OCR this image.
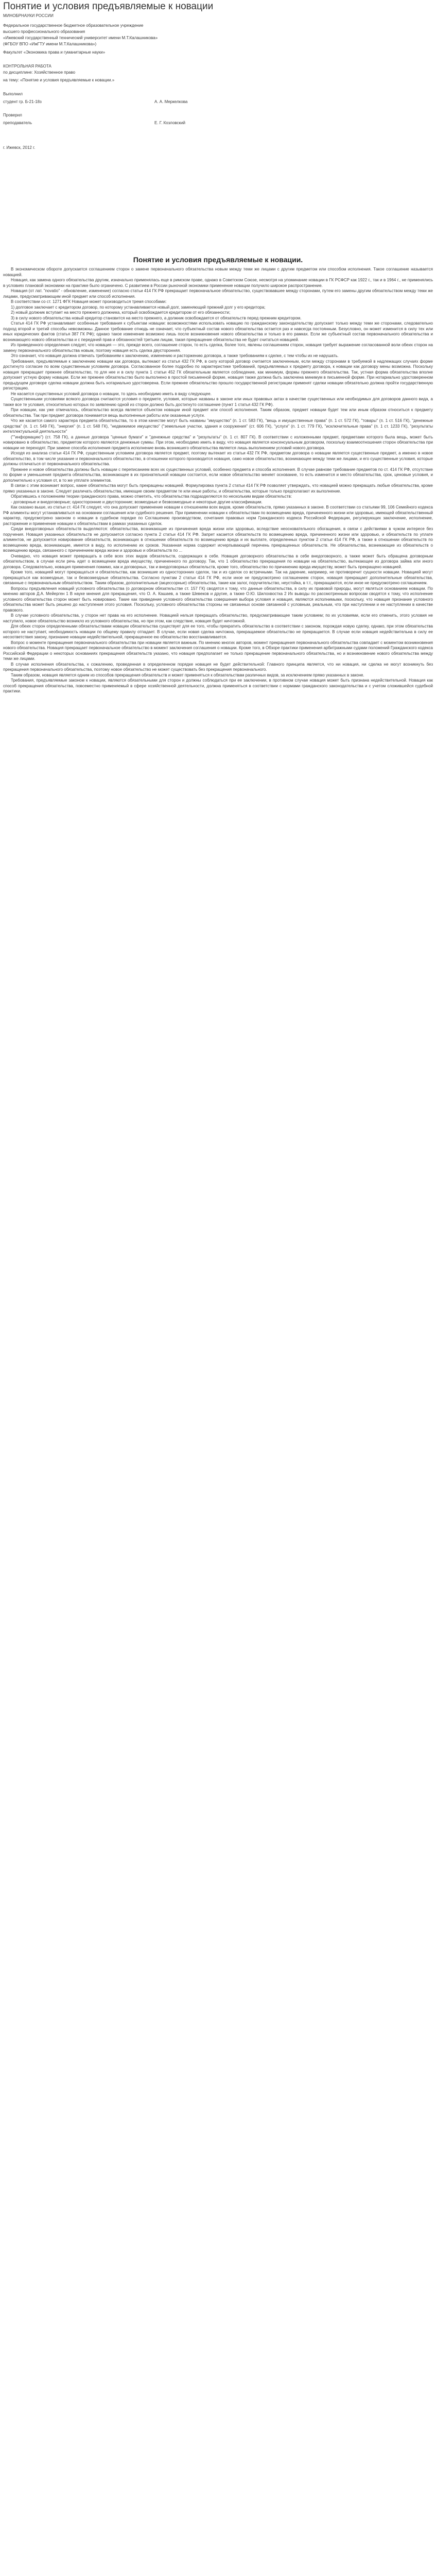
Понятие и условия предъявляемые к новации
МИНОБРНАУКИ РОССИИ
Федеральное государственное бюджетное образовательное учреждение
высшего профессионального образования
«Ижевский государственный технический университет имени М.Т.Калашникова»
(ФГБОУ ВПО «ИжГТУ имени М.Т.Калашникова»)
Факультет «Экономика права и гуманитарные науки»
КОНТРОЛЬНАЯ РАБОТА
по дисциплине: Хозяйственное право
на тему: «Понятие и условия предъявляемые к новации.»
Выполнил
студент гр. Б-21-18з	А. А. Меркелкова
Проверил
преподаватель	Е. Г. Козловский
г. Ижевск, 2012 г.
Понятие и условия предъявляемые к новации.

В экономическом обороте допускается соглашением сторон о замене первоначального обязательства новым между теми же лицами с другим предметом или способом исполнения. Такое соглашение называется новацией.

Новация, как замена одного обязательства другим, изначально применялась еще в римском праве, однако в Советском Союзе, несмотря на упоминание новации в ГК РСФСР как 1922 г., так и в 1964 г., не применялись в условиях плановой экономики на практике было ограничено. С развитием в России рыночной экономики применение новации получило широкое распространение.

Новация (от лат. "novatio" - обновление, изменение) согласно статьи 414 ГК РФ прекращает первоначальное обязательство, существовавшее между сторонами, путем его замены другим обязательством между теми же лицами, предусматривающим иной предмет или способ исполнения.

В соответствии со ст. 1271 ФГК Новация может производиться тремя способами:

1) долговое заключает с кредитором договор, по которому устанавливается новый долг, заменяющий прежний долг у его кредитора;

2) новый должник вступает на место прежнего должника, который освобождается кредитором от его обязанности;

3) в силу нового обязательства новый кредитор становится на место прежнего, а должник освобождается от обязательств перед прежним кредитором.

Статья 414 ГК РФ устанавливает особенные требования к субъектам новации: возможностями использовать новацию по гражданскому законодательству допускает только между теми же сторонами, следовательно подход второй и третий способы невозможны. Данное требование отнюдь не означает, что субъектный состав нового обязательства остается раз и навсегда постоянным. Безусловно, он может изменится в силу тех или иных юридических фактов (статья 387 ГК РФ); однако такое изменение возможно лишь после возникновения нового обязательства и только в его рамках. Если же субъектный состав первоначального обязательства и возникающего нового обязательства и с передачей прав и обязанностей третьим лицам, такая прекращение обязательства не будет считаться новацией.

Из приведенного определения следует, что новация — это, прежде всего, соглашение сторон, то есть сделка, более того, явлены соглашением сторон, новация требует выражение согласованной воли обеих сторон на замену первоначального обязательства новым, поэтому новация есть сделка двусторонняя.

Это означает, что новация должна отвечать требованиям к заключению, изменению и расторжению договора, а также требованиям к сделке, с тем чтобы их не нарушать.

Требования, предъявляемые к заключению новации как договора, вытекают из статья 432 ГК РФ, в силу которой договор считается заключенным, если между сторонами в требуемой в надлежащих случаях форме достигнуто согласие по всем существенным условиям договора. Согласованное более подробно по характеристике требований, предъявляемых к предмету договора, к новации как договору мены возможна. Поскольку новация прекращает прежнее обязательство, то для нее и в силу пункта 1 статьи 452 ГК обязательным является соблюдение, как минимум, формы прежнего обязательства. Так, устная форма обязательства вполне допускает устную форму новации. Если же прежнее обязательство было выполнено в простой письменной форме, новация также должна быть заключена минимум в письменной форме. При нотариально удостоверенном предыдущем договоре сделка новации должна быть нотариально удостоверена. Если прежнее обязательство прошло государственной регистрации применят сделки новации обязательно должна пройти государственную регистрацию.

Не касается существенных условий договора о новации, то здесь необходимо иметь в виду следующее.

Существенными условиями всякого договора считаются условия о предмете, условия, которые названы в законе или иных правовых актах в качестве существенных или необходимых для договоров данного вида, а также все те условия, относительно которых по заявлению одной из сторон должно быть достигнуто соглашение (пункт 1 статья 432 ГК РФ).

При новации, как уже отмечалось, обязательство всегда является объектом новации иной предмет или способ исполнения. Таким образом, предмет новации будет тем или иным образом относиться к предмету обязательства. Так при предмет договора понимается вещь выполненные работы или оказанные услуги.

Что же касается самого характера предмета обязательства, то в этом качестве могут быть названы "имущество" (п. 1 ст. 583 ГК), "вещь и имущественные права" (п. 1 ст. 572 ГК), "товары" (п. 1 ст. 516 ГК), "денежные средства" (п. 1 ст. 549 ГК), "энергия" (п. 1 ст. 548 ГК), "недвижимое имущество" ("земельные участки, здания и сооружения" (ст. 606 ГК), "услуги" (п. 1 ст. 779 ГК), "исключительные права" (п. 1 ст. 1233 ГК), "результаты интеллектуальной деятельности"

(""информацию") (ст. 758 ГК), а данные договора "ценные бумаги" и "денежные средства" и "результаты" (п. 1 ст. 807 ГК). В соответствии с изложенными предмет, предметами которого была вещь, может быть новировано в обязательство, предметом которого являются денежные суммы. При этом, необходимо иметь в виду, что новация является консенсуальным договором, поскольку взаимоотношения сторон обязательства при новации не переходят. При замене способа исполнения предмета исполнение вновь возникшего обязательства является лишь выполнением условий нового договора.

Исходя из анализа статьи 414 ГК РФ, существенным условием договора является предмет, поэтому вытекает из статьи 432 ГК РФ, предметом договора о новации является существенные предмет, а именно в новое обязательство, в том числе указание и первоначального обязательство, в отношении которого производится новация, само новое обязательство, возникающее между теми же лицами, и его существенные условия, которые должны отличаться от первоначального обязательства.

Прежнее и новое обязательства должны быть новации с переписанием всех их существенных условий, особенно предмета и способа исполнения. В случае равнове требование предметов по ст. 414 ГК РФ, отсутствие по форме и уменьшения предмета обязательства, возникающее в их признательной новации состоится, если новое обязательство меняет основание, то есть изменится и место обязательства, срок, ценовые условия, и дополнительно к условия от, в то же упплате элементов.

В связи с этим возникает вопрос, какие обязательства могут быть прекращены новацией. Формулировка пункта 2 статьи 414 ГК РФ позволяет утверждать, что новацией можно прекращать любые обязательства, кроме прямо указанных в законе. Следует различать обязательства, имеющие своим предметом те или иные работы, и обязательства, которые только предполагают их выполнение.

Обратившись к положениям теории гражданского права, можно отметить, что обязательства подразделяются по нескольким видам обязательств:

- договорные и внедоговорные; односторонние и двусторонние; возмездные и безвозмездные и некоторые другие классификации.

Как сказано выше, из статьи ст. 414 ГК следует, что она допускает применение новации к отношениям всех видов, кроме обязательств, прямо указанных в законе. В соответствии со статьями 99, 106 Семейного кодекса РФ алименты могут устанавливаться на основании соглашения или судебного решения. При применении новации к обязательствам по возмещению вреда, причиненного жизни или здоровью, имеющей обязательственный характер, предусмотрено законом о новации в судебном порядке по Соглашению производством, сочетания правовых норм Гражданского кодекса Российской Федерации, регулирующих заключение, исполнение, расторжение и применение новации к обязательствам в рамках указанных сделок.

Среди внедоговорных обязательств выделяются: обязательства, возникающие из причинения вреда жизни или здоровью, вследствие неосновательного обогащения, в связи с действиями в чужом интересе без поручения. Новация указанных обязательств не допускается согласно пункта 2 статьи 414 ГК РФ. Запрет касается обязательств по возмещению вреда, причиненного жизни или здоровью, и обязательств по уплате алиментов, не допускается новирование обязательств, возникающих в отношении обязательств по возмещению вреда и их выплате, определенных пунктом 2 статьи 414 ГК РФ, а также в отношении обязательств по возмещению вреда, возникающие, имеется в виду, по исполнению их сроков. Указанная норма содержит исчерпывающий перечень прекращенных обязательств. Не обязательства, возникающие из обязательств о возмещению вреда, связанного с причинением вреда жизни и здоровью и обязательств по ...

Очевидно, что новация может превращать в себе всех этих видов обязательств, содержащих в себе. Новация договорного обязательства в себе внедоговорного, а также может быть обращена договорным обязательством, в случае если речь идет о возмещении вреда имуществу, причиненного по договору. Так, что 1 обязательство прекращения по новации на обязательство, вытекающее из договора займа или иного договора. Следовательно, новация применения помимо, как и договорных, так и внедоговорных обязательств, кроме того, обязательство по причинению вреда имуществу, может быть прекращено новацией.

Кроме того, новацией могут прекращаться и обязательства, как возникшие из односторонних сделок, так и из сделок со встречными. Так на дарение, например, не противоречит сущности новации. Новацией могут прекращаться как возмездные, так и безвозмездные обязательства. Согласно пунктам 2 статьи 414 ГК РФ, если иное не предусмотрено соглашением сторон, новация прекращает дополнительные обязательства, связанные с первоначальным обязательством. Таким образом, дополнительные (акцессорные) обязательства, такие как залог, поручительство, неустойка, в т.т., прекращаются, если иное не предусмотрено соглашением.

Вопросы предъявления новаций условного обязательства (о договорном обязательстве ст. 157 ГК) сводятся к тому, что данные обязательства, в силу их правовой природы, могут являться основанием новации. По мнению авторов Д.А. Мейерген 1 В науке мнения для прекращения, что О. А. Кашаев, а также Шевеков и другие, а также О.Ю. Шилохвостка 2 Их выводы по рассмотренным вопросам сводятся к тому, что исполнение условного обязательства сторон может быть новировано. Такие как приведение условного обязательства совершения выбора условия и новация, являются исполнимыми, поскольку, что новация признание условного обязательства может быть решено до наступления этого условия. Поскольку, условного обязательства стороны не связанных основе связанной с условным, реальным, что при наступлении и ее наступлении в качестве правового.

В случае условного обязательства, у сторон нет права на его исполнение. Новацией нельзя прекращать обязательство, предусматривающее таким условием; по их условиями, если его отменить, этого условия не наступило, новое обязательство возникло из условного обязательства, но при этом, как следствие, новация будет ничтожной.

Для обеих сторон определенными обязательствами новации обязательства существует для ее того, чтобы прекратить обязательство в соответствии с законом, порождая новую сделку, однако, при этом обязательства которого не наступает, необходимость новации по общему правилу отпадает. В случае, если новая сделка ничтожна, прекращаемое обязательство не прекращается. В случае если новация недействительна в силу ее несоответствия закону, признание новации недействительной, прекращенное ею обязательство восстанавливается.

Вопрос о моменте прекращения первоначального обязательства при новации является важным. По мнению многих авторов, момент прекращения первоначального обязательства совпадает с моментом возникновения нового обязательства. Новация прекращает первоначальное обязательство в момент заключения соглашения о новации. Кроме того, в Обзоре практики применения арбитражными судами положений Гражданского кодекса Российской Федерации о некоторых основаниях прекращения обязательств указано, что новация предполагает не только прекращение первоначального обязательства, но и возникновение нового обязательства между теми же лицами.

В случае исполнения обязательства, к сожалению, проведенная в определенном порядке новация не будет действительной: Главного принципа является, что ни новация, ни сделка не могут возникнуть без прекращения первоначального обязательства, поэтому новое обязательство не может существовать без прекращения первоначального.

Таким образом, новация является одним из способов прекращения обязательств и может применяться к обязательствам различных видов, за исключением прямо указанных в законе.

Требования, предъявляемые законом к новации, являются обязательными для сторон и должны соблюдаться при ее заключении, в противном случае новация может быть признана недействительной. Новация как способ прекращения обязательства, повсеместно применяемый в сфере хозяйственной деятельности, должна применяться в соответствии с нормами гражданского законодательства и с учетом сложившейся судебной практики.
